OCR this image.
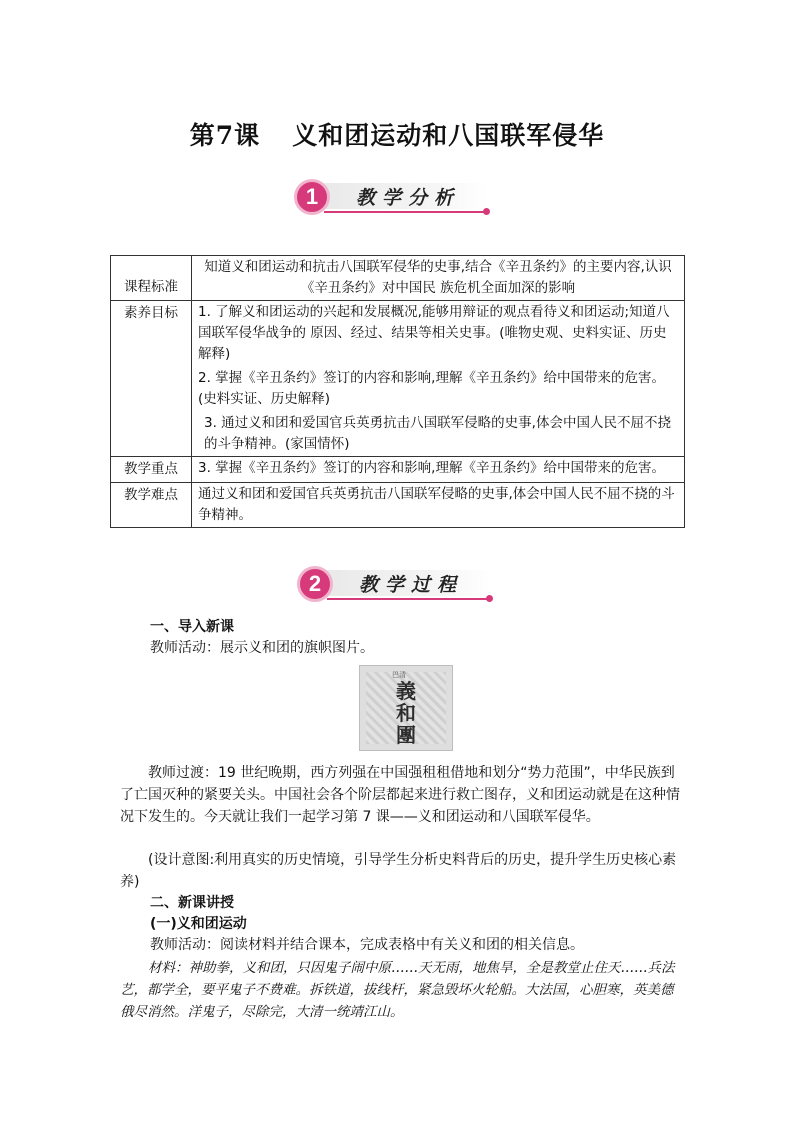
第7课 义和团运动和八国联军侵华
1	教学分析
课程标准	知道义和团运动和抗击八国联军侵华的史事,结合《辛丑条约》的主要内容,认识《辛丑条约》对中国民 族危机全面加深的影响

素养目标	1. 了解义和团运动的兴起和发展概况,能够用辩证的观点看待义和团运动;知道八国联军侵华战争的 原因、经过、结果等相关史事。(唯物史观、史料实证、历史解释)

2. 掌握《辛丑条约》签订的内容和影响,理解《辛丑条约》给中国带来的危害。(史料实证、历史解释)

3. 通过义和团和爱国官兵英勇抗击八国联军侵略的史事,体会中国人民不屈不挠的斗争精神。(家国情怀)

教学重点	3. 掌握《辛丑条约》签订的内容和影响,理解《辛丑条约》给中国带来的危害。

教学难点	通过义和团和爱国官兵英勇抗击八国联军侵略的史事,体会中国人民不屈不挠的斗争精神。

2	教学过程
一、导入新课
教师活动：展示义和团的旗帜图片。
巴清
義和團

教师过渡：19 世纪晚期，西方列强在中国强租租借地和划分“势力范围”，中华民族到了亡国灭种的紧要关头。中国社会各个阶层都起来进行救亡图存，义和团运动就是在这种情况下发生的。今天就让我们一起学习第 7 课——义和团运动和八国联军侵华。

(设计意图:利用真实的历史情境，引导学生分析史料背后的历史，提升学生历史核心素养)

二、新课讲授
(一)义和团运动
教师活动：阅读材料并结合课本，完成表格中有关义和团的相关信息。

材料：神助拳，义和团，只因鬼子闹中原……天无雨，地焦旱，全是教堂止住天……兵法艺，都学全，要平鬼子不费难。拆铁道，拔线杆，紧急毁坏火轮船。大法国，心胆寒，英美德俄尽消然。洋鬼子，尽除完，大清一统靖江山。
